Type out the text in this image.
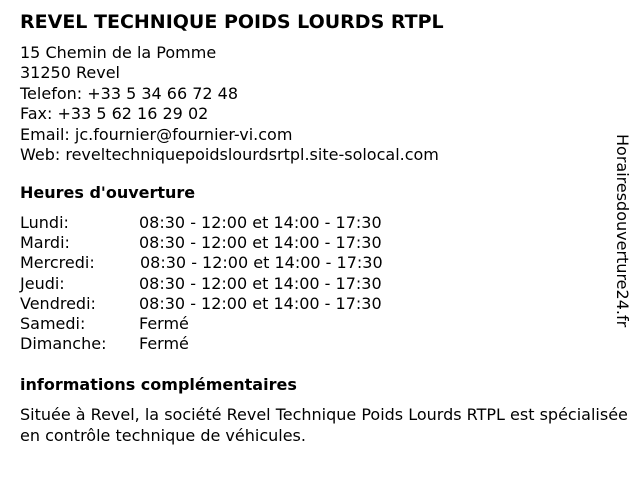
REVEL TECHNIQUE POIDS LOURDS RTPL
15 Chemin de la Pomme
31250 Revel
Telefon: +33 5 34 66 72 48
Fax: +33 5 62 16 29 02
Email: jc.fournier@fournier-vi.com
Web: reveltechniquepoidslourdsrtpl.site-solocal.com
Heures d'ouverture
Lundi:	08:30 - 12:00 et 14:00 - 17:30
Mardi:	08:30 - 12:00 et 14:00 - 17:30
Mercredi:	08:30 - 12:00 et 14:00 - 17:30
Jeudi:	08:30 - 12:00 et 14:00 - 17:30
Vendredi:	08:30 - 12:00 et 14:00 - 17:30
Samedi:	Fermé
Dimanche:	Fermé
informations complémentaires
Située à Revel, la société Revel Technique Poids Lourds RTPL est spécialisée en contrôle technique de véhicules.
Horairesdouverture24.fr
